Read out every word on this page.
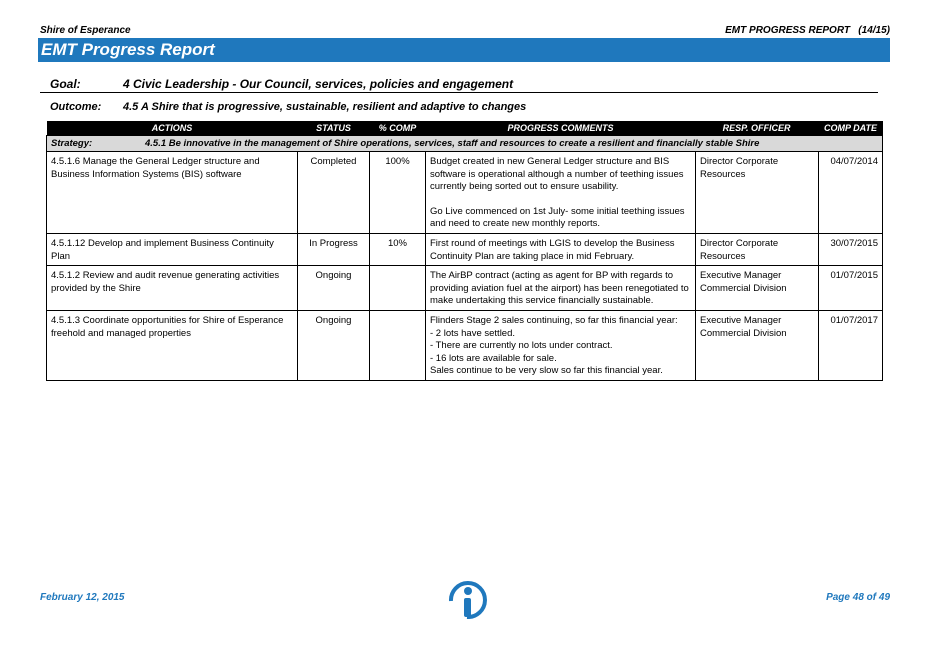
Shire of Esperance	EMT PROGRESS REPORT   (14/15)
EMT Progress Report
Goal:	4 Civic Leadership - Our Council, services, policies and engagement
Outcome: 4.5 A Shire that is progressive, sustainable, resilient and adaptive to changes
ACTIONS	STATUS	% COMP	PROGRESS COMMENTS	RESP. OFFICER	COMP DATE
Strategy: 4.5.1 Be innovative in the management of Shire operations, services, staff and resources to create a resilient and financially stable Shire					
4.5.1.6 Manage the General Ledger structure and Business Information Systems (BIS) software	Completed	100%	Budget created in new General Ledger structure and BIS software is operational although a number of teething issues currently being sorted out to ensure usability.
Go Live commenced on 1st July- some initial teething issues and need to create new monthly reports.	Director Corporate Resources	04/07/2014
4.5.1.12 Develop and implement Business Continuity Plan	In Progress	10%	First round of meetings with LGIS to develop the Business Continuity Plan are taking place in mid February.	Director Corporate Resources	30/07/2015
4.5.1.2 Review and audit revenue generating activities provided by the Shire	Ongoing		The AirBP contract (acting as agent for BP with regards to providing aviation fuel at the airport) has been renegotiated to make undertaking this service financially sustainable.	Executive Manager Commercial Division	01/07/2015
4.5.1.3 Coordinate opportunities for Shire of Esperance freehold and managed properties	Ongoing		Flinders Stage 2 sales continuing, so far this financial year:
- 2 lots have settled.
- There are currently no lots under contract.
- 16 lots are available for sale.
Sales continue to be very slow so far this financial year.	Executive Manager Commercial Division	01/07/2017
February 12, 2015	Page 48 of 49
